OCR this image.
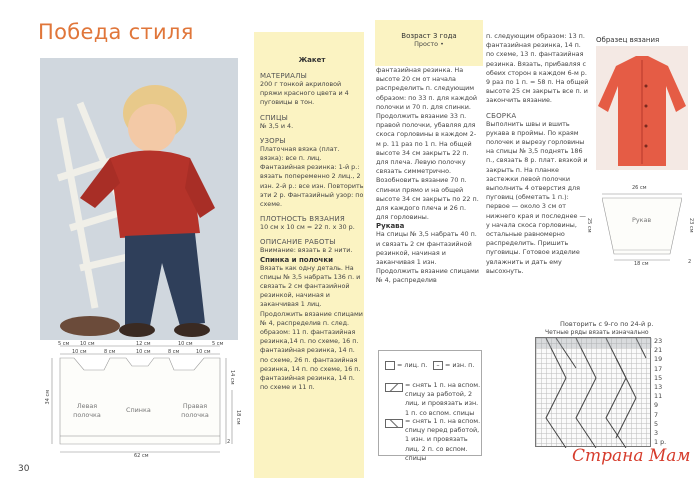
Победа стиля
5 см 10 см	12 см	10 см	5 см
10 см	8 см	10 см	8 см	10 см
Левая полочка
Спинка	Правая полочка
62 см
14 см
18 см
2
34 см
30
Жакет
МАТЕРИАЛЫ
200 г тонкой акриловой пряжи красного цвета и 4 пуговицы в тон.
СПИЦЫ
№ 3,5 и 4.
УЗОРЫ
Платочная вязка (плат. вязка): все п. лиц. Фантазийная резинка: 1-й р.: вязать попеременно 2 лиц., 2 изн. 2-й р.: все изн. Повторить эти 2 р. Фантазийный узор: по схеме.
ПЛОТНОСТЬ ВЯЗАНИЯ
10 см х 10 см = 22 п. х 30 р.
ОПИСАНИЕ РАБОТЫ
Внимание: вязать в 2 нити.
Спинка и полочки
Вязать как одну деталь. На спицы № 3,5 набрать 136 п. и связать 2 см фантазийной резинкой, начиная и заканчивая 1 лиц. Продолжить вязание спицами № 4, распределив п. след. образом: 11 п. фантазийная резинка,14 п. по схеме, 16 п. фантазийная резинка, 14 п. по схеме, 26 п. фантазийная резинка, 14 п. по схеме, 16 п. фантазийная резинка, 14 п. по схеме и 11 п.
Возраст 3 года
Просто •
фантазийная резинка. На высоте 20 см от начала распределить п. следующим образом: по 33 п. для каждой полочки и 70 п. для спинки. Продолжить вязание 33 п. правой полочки, убавляя для скоса горловины в каждом 2-м р. 11 раз по 1 п. На общей высоте 34 см закрыть 22 п. для плеча. Левую полочку связать симметрично. Возобновить вязание 70 п. спинки прямо и на общей высоте 34 см закрыть по 22 п. для каждого плеча и 26 п. для горловины.
Рукава
На спицы № 3,5 набрать 40 п. и связать 2 см фантазийной резинкой, начиная и заканчивая 1 изн. Продолжить вязание спицами № 4, распределив
п. следующим образом: 13 п. фантазийная резинка, 14 п. по схеме, 13 п. фантазийная резинка. Вязать, прибавляя с обеих сторон в каждом 6-м р. 9 раз по 1 п. = 58 п. На общей высоте 25 см закрыть все п. и закончить вязание.
СБОРКА
Выполнить швы и вшить рукава в проймы. По краям полочек и вырезу горловины на спицы № 3,5 поднять 186 п., связать 8 р. плат. вязкой и закрыть п. На планке застежки левой полочки выполнить 4 отверстия для пуговиц (обметать 1 п.): первое — около 3 см от нижнего края и последнее — у начала скоса горловины, остальные равномерно распределить. Пришить пуговицы. Готовое изделие увлажнить и дать ему высохнуть.
= лиц. п.	– = изн. п.
= снять 1 п. на вспом. спицу за работой, 2 лиц. и провязать изн. 1 п. со вспом. спицы
= снять 1 п. на вспом. спицу перед работой, 1 изн. и провязать лиц. 2 п. со вспом. спицы
Образец вязания
26 см
Рукав
18 см
25 см	23 см
2
Повторить с 9-го по 24-й р.
Четные ряды вязать изначально
23
21
19
17
15
13
11
9
7
5
3
1 р.
Страна Мам
